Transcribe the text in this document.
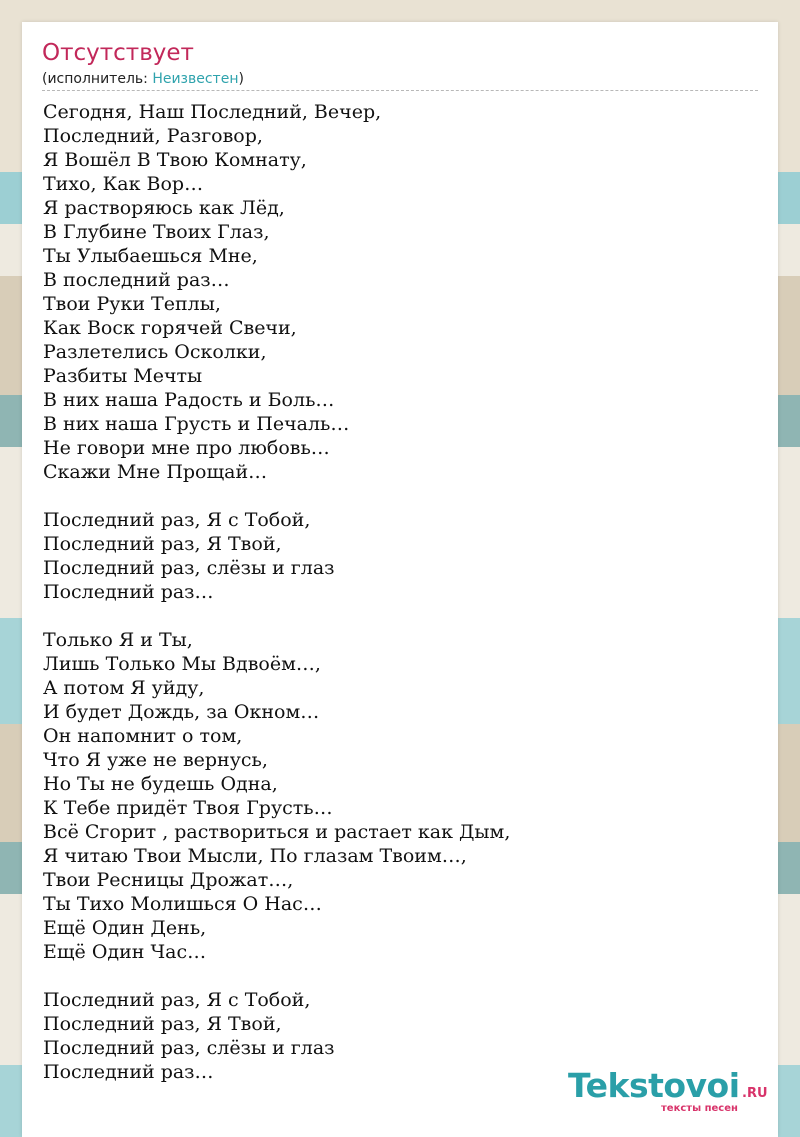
Отсутствует
(исполнитель: Неизвестен)
Сегодня, Наш Последний, Вечер,
Последний, Разговор,
Я Вошёл В Твою Комнату,
Тихо, Как Вор…
Я растворяюсь как Лёд,
В Глубине Твоих Глаз,
Ты Улыбаешься Мне,
В последний раз…
Твои Руки Теплы,
Как Воск горячей Свечи,
Разлетелись Осколки,
Разбиты Мечты
В них наша Радость и Боль…
В них наша Грусть и Печаль…
Не говори мне про любовь…
Скажи Мне Прощай…
Последний раз, Я с Тобой,
Последний раз, Я Твой,
Последний раз, слёзы и глаз
Последний раз…
Только Я и Ты,
Лишь Только Мы Вдвоём…,
А потом Я уйду,
И будет Дождь, за Окном…
Он напомнит о том,
Что Я уже не вернусь,
Но Ты не будешь Одна,
К Тебе придёт Твоя Грусть…
Всё Сгорит , раствориться и растает как Дым,
Я читаю Твои Мысли, По глазам Твоим…,
Твои Ресницы Дрожат…,
Ты Тихо Молишься О Нас…
Ещё Один День,
Ещё Один Час…
Последний раз, Я с Тобой,
Последний раз, Я Твой,
Последний раз, слёзы и глаз
Последний раз…	Tekstovoi .RU
тексты песен
